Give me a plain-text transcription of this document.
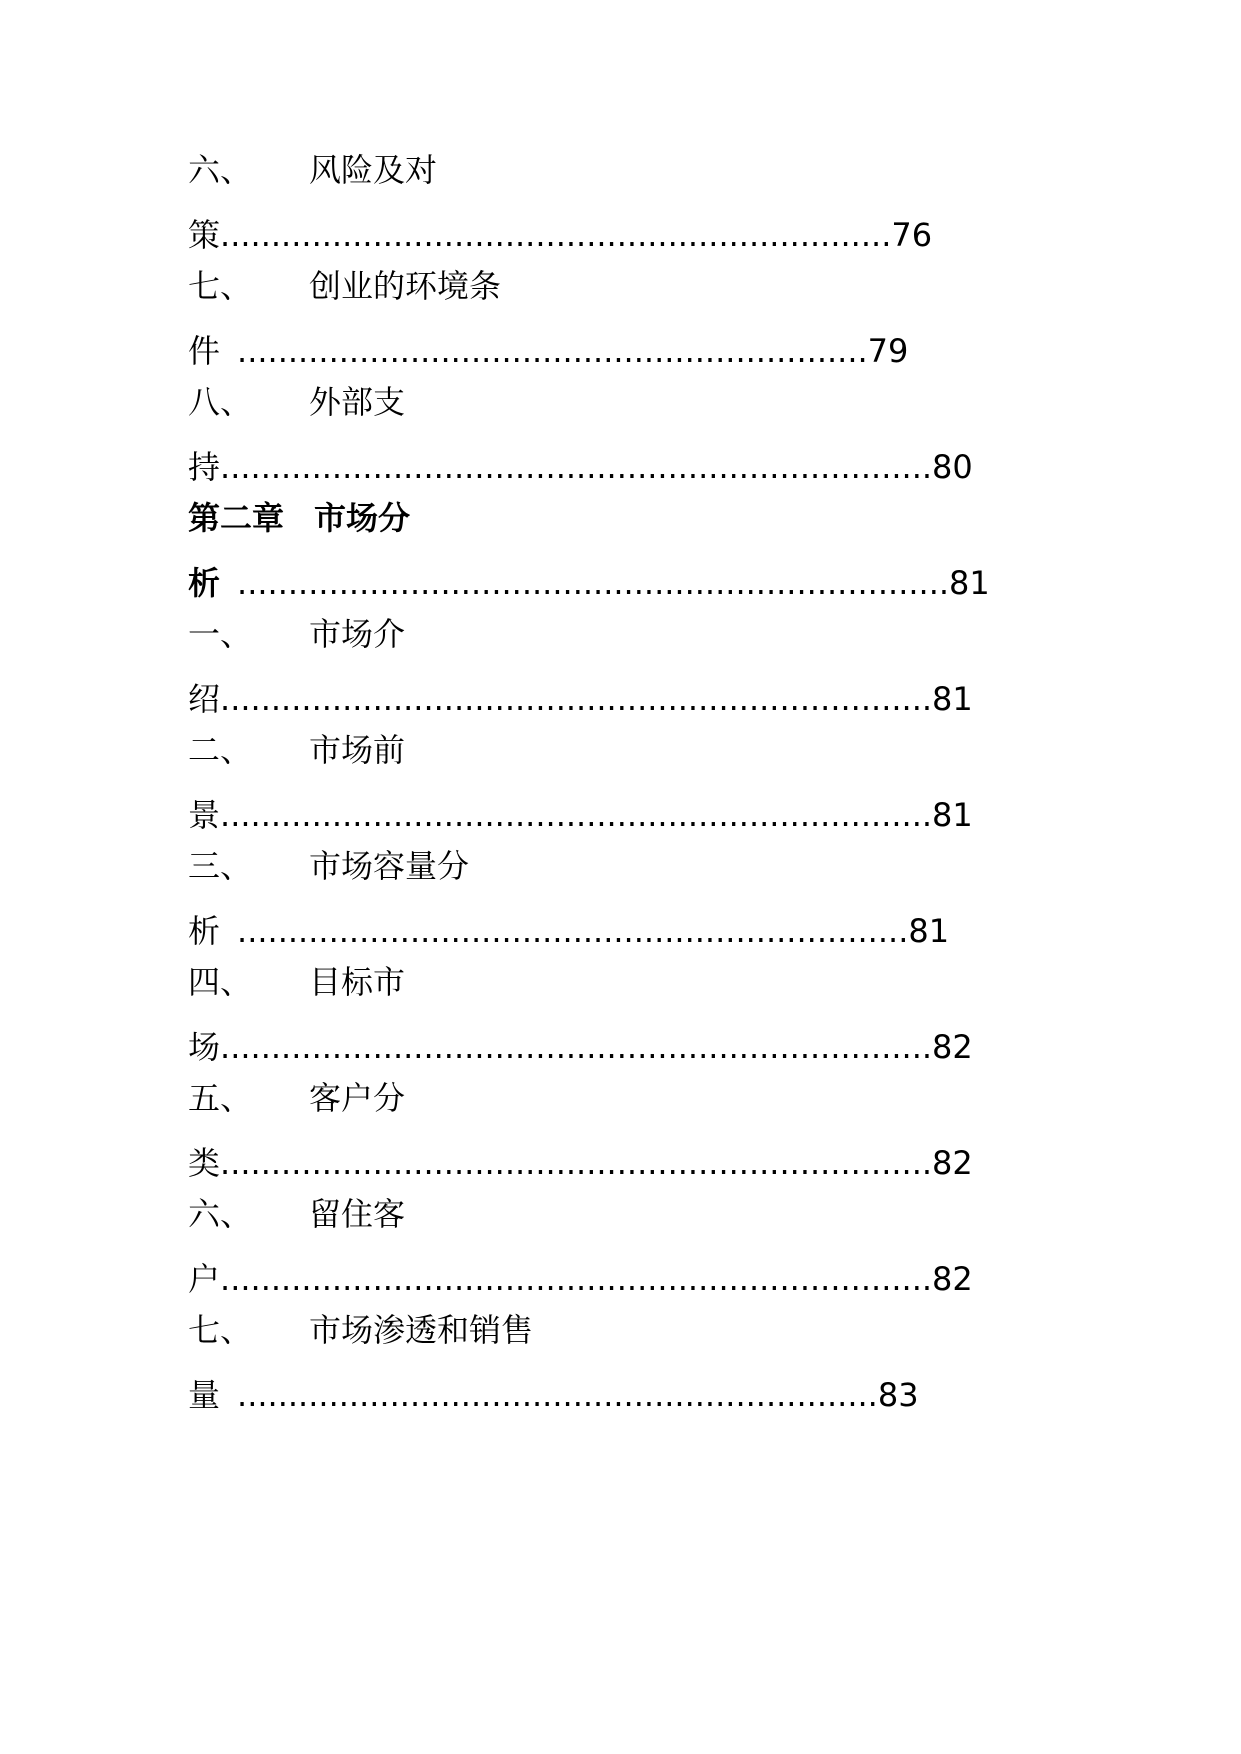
六、 风险及对
策 .................................................................. 76
七、 创业的环境条
件 .............................................................. 79
八、 外部支
持 ...................................................................... 80
第二章 市场分
析 ...................................................................... 81
一、 市场介
绍 ...................................................................... 81
二、 市场前
景 ...................................................................... 81
三、 市场容量分
析 .................................................................. 81
四、 目标市
场 ...................................................................... 82
五、 客户分
类 ...................................................................... 82
六、 留住客
户 ...................................................................... 82
七、 市场渗透和销售
量 ............................................................... 83
